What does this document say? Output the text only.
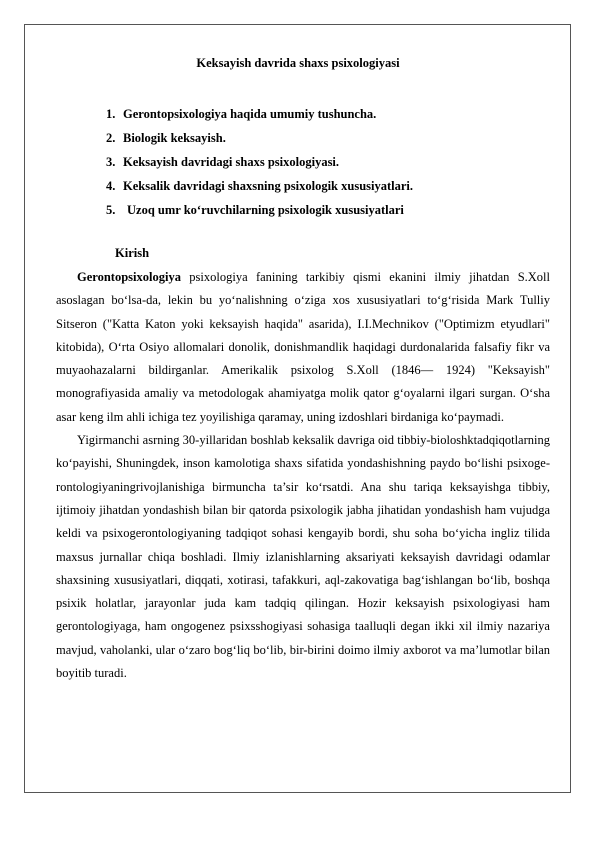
Keksayish davrida shaxs psixologiyasi
1. Gerontopsixologiya haqida umumiy tushuncha.
2. Biologik keksayish.
3. Keksayish davridagi shaxs psixologiyasi.
4. Keksalik davridagi shaxsning psixologik xususiyatlari.
5. Uzoq umr ko‘ruvchilarning psixologik xususiyatlari
Kirish

Gerontopsixologiya psixologiya fanining tarkibiy qismi ekanini ilmiy jihatdan S.Xoll asoslagan bo‘lsa-da, lekin bu yo‘nalishning o‘ziga xos xususiyatlari to‘g‘risida Mark Tulliy Sitseron ("Katta Katon yoki keksayish haqida" asarida), I.I.Mechnikov ("Optimizm etyudlari" kitobida), O‘rta Osiyo allomalari donolik, donishmandlik haqidagi durdonalarida falsafiy fikr va muyaohazalarni bildirganlar. Amerikalik psixolog S.Xoll (1846— 1924) "Keksayish" monografiyasida amaliy va metodologak ahamiyatga molik qator g‘oyalarni ilgari surgan. O‘sha asar keng ilm ahli ichiga tez yoyilishiga qaramay, uning izdoshlari birdaniga ko‘paymadi.

Yigirmanchi asrning 30-yillaridan boshlab keksalik davriga oid tibbiy-bioloshktadqiqotlarning ko‘payishi, Shuningdek, inson kamolotiga shaxs sifatida yondashishning paydo bo‘lishi psixoge- rontologiyaningrivojlanishiga birmuncha ta’sir ko‘rsatdi. Ana shu tariqa keksayishga tibbiy, ijtimoiy jihatdan yondashish bilan bir qatorda psixologik jabha jihatidan yondashish ham vujudga keldi va psixogerontologiyaning tadqiqot sohasi kengayib bordi, shu soha bo‘yicha ingliz tilida maxsus jurnallar chiqa boshladi. Ilmiy izlanishlarning aksariyati keksayish davridagi odamlar shaxsining xususiyatlari, diqqati, xotirasi, tafakkuri, aql-zakovatiga bag‘ishlangan bo‘lib, boshqa psixik holatlar, jarayonlar juda kam tadqiq qilingan. Hozir keksayish psixologiyasi ham gerontologiyaga, ham ongogenez psixsshogiyasi sohasiga taalluqli degan ikki xil ilmiy nazariya mavjud, vaholanki, ular o‘zaro bog‘liq bo‘lib, bir-birini doimo ilmiy axborot va ma’lumotlar bilan boyitib turadi.
